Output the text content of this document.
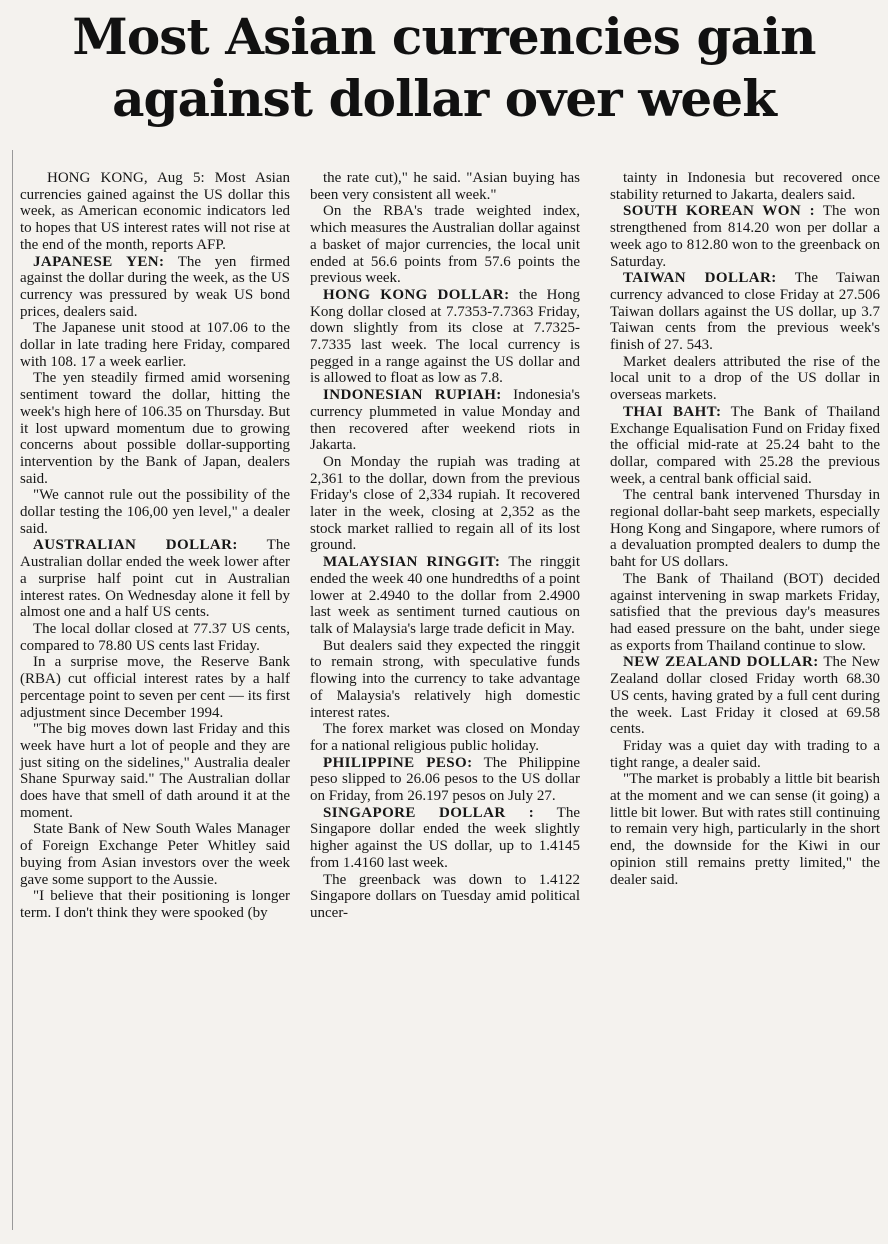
Most Asian currencies gain against dollar over week

HONG KONG, Aug 5: Most Asian currencies gained against the US dollar this week, as American economic indicators led to hopes that US interest rates will not rise at the end of the month, reports AFP.

JAPANESE YEN: The yen firmed against the dollar during the week, as the US currency was pressured by weak US bond prices, dealers said.

The Japanese unit stood at 107.06 to the dollar in late trading here Friday, compared with 108. 17 a week earlier.

The yen steadily firmed amid worsening sentiment toward the dollar, hitting the week's high here of 106.35 on Thursday. But it lost upward momentum due to growing concerns about possible dollar-supporting intervention by the Bank of Japan, dealers said.

"We cannot rule out the possibility of the dollar testing the 106,00 yen level," a dealer said.

AUSTRALIAN DOLLAR: The Australian dollar ended the week lower after a surprise half point cut in Australian interest rates. On Wednesday alone it fell by almost one and a half US cents.

The local dollar closed at 77.37 US cents, compared to 78.80 US cents last Friday.

In a surprise move, the Reserve Bank (RBA) cut official interest rates by a half percentage point to seven per cent — its first adjustment since December 1994.

"The big moves down last Friday and this week have hurt a lot of people and they are just siting on the sidelines," Australia dealer Shane Spurway said." The Australian dollar does have that smell of dath around it at the moment.

State Bank of New South Wales Manager of Foreign Exchange Peter Whitley said buying from Asian investors over the week gave some support to the Aussie.

"I believe that their positioning is longer term. I don't think they were spooked (by

the rate cut)," he said. "Asian buying has been very consistent all week."

On the RBA's trade weighted index, which measures the Australian dollar against a basket of major currencies, the local unit ended at 56.6 points from 57.6 points the previous week.

HONG KONG DOLLAR: the Hong Kong dollar closed at 7.7353-7.7363 Friday, down slightly from its close at 7.7325-7.7335 last week. The local currency is pegged in a range against the US dollar and is allowed to float as low as 7.8.

INDONESIAN RUPIAH: Indonesia's currency plummeted in value Monday and then recovered after weekend riots in Jakarta.

On Monday the rupiah was trading at 2,361 to the dollar, down from the previous Friday's close of 2,334 rupiah. It recovered later in the week, closing at 2,352 as the stock market rallied to regain all of its lost ground.

MALAYSIAN RINGGIT: The ringgit ended the week 40 one hundredths of a point lower at 2.4940 to the dollar from 2.4900 last week as sentiment turned cautious on talk of Malaysia's large trade deficit in May.

But dealers said they expected the ringgit to remain strong, with speculative funds flowing into the currency to take advantage of Malaysia's relatively high domestic interest rates.

The forex market was closed on Monday for a national religious public holiday.

PHILIPPINE PESO: The Philippine peso slipped to 26.06 pesos to the US dollar on Friday, from 26.197 pesos on July 27.

SINGAPORE DOLLAR : The Singapore dollar ended the week slightly higher against the US dollar, up to 1.4145 from 1.4160 last week.

The greenback was down to 1.4122 Singapore dollars on Tuesday amid political uncer-

tainty in Indonesia but recovered once stability returned to Jakarta, dealers said.

SOUTH KOREAN WON : The won strengthened from 814.20 won per dollar a week ago to 812.80 won to the greenback on Saturday.

TAIWAN DOLLAR: The Taiwan currency advanced to close Friday at 27.506 Taiwan dollars against the US dollar, up 3.7 Taiwan cents from the previous week's finish of 27. 543.

Market dealers attributed the rise of the local unit to a drop of the US dollar in overseas markets.

THAI BAHT: The Bank of Thailand Exchange Equalisation Fund on Friday fixed the official mid-rate at 25.24 baht to the dollar, compared with 25.28 the previous week, a central bank official said.

The central bank intervened Thursday in regional dollar-baht seep markets, especially Hong Kong and Singapore, where rumors of a devaluation prompted dealers to dump the baht for US dollars.

The Bank of Thailand (BOT) decided against intervening in swap markets Friday, satisfied that the previous day's measures had eased pressure on the baht, under siege as exports from Thailand continue to slow.

NEW ZEALAND DOLLAR: The New Zealand dollar closed Friday worth 68.30 US cents, having grated by a full cent during the week. Last Friday it closed at 69.58 cents.

Friday was a quiet day with trading to a tight range, a dealer said.

"The market is probably a little bit bearish at the moment and we can sense (it going) a little bit lower. But with rates still continuing to remain very high, particularly in the short end, the downside for the Kiwi in our opinion still remains pretty limited," the dealer said.
